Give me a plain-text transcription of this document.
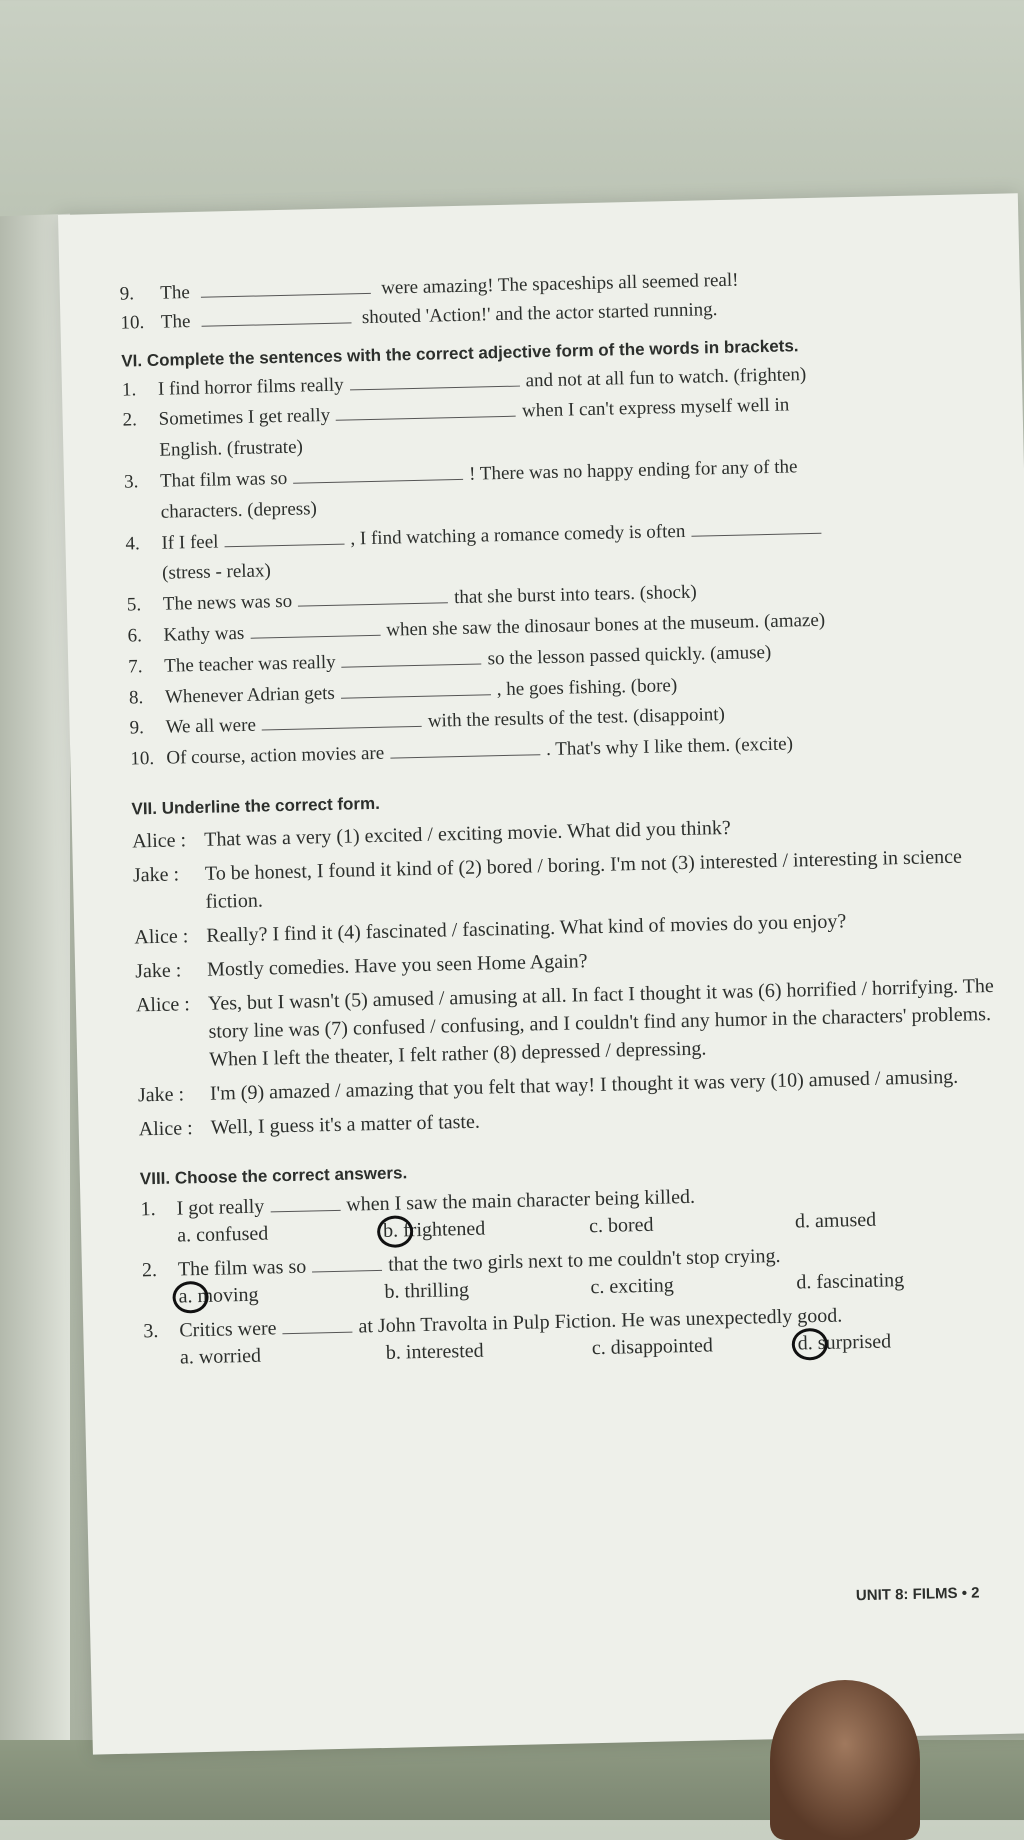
9. The	were amazing! The spaceships all seemed real!
10. The	shouted 'Action!' and the actor started running.
VI. Complete the sentences with the correct adjective form of the words in brackets.
1. I find horror films really	and not at all fun to watch. (frighten)
2. Sometimes I get really	when I can't express myself well in
English. (frustrate)
3. That film was so	! There was no happy ending for any of the
characters. (depress)
4. If I feel	, I find watching a romance comedy is often
(stress - relax)
5. The news was so	that she burst into tears. (shock)
6. Kathy was	when she saw the dinosaur bones at the museum. (amaze)
7. The teacher was really	so the lesson passed quickly. (amuse)
8. Whenever Adrian gets	, he goes fishing. (bore)
9. We all were	with the results of the test. (disappoint)
10. Of course, action movies are	. That's why I like them. (excite)
VII. Underline the correct form.
Alice : That was a very (1) excited / exciting movie. What did you think?
Jake :	To be honest, I found it kind of (2) bored / boring. I'm not (3) interested / interesting in science fiction.
Alice : Really? I find it (4) fascinated / fascinating. What kind of movies do you enjoy?
Jake :	Mostly comedies. Have you seen Home Again?
Alice : Yes, but I wasn't (5) amused / amusing at all. In fact I thought it was (6) horrified / horrifying. The story line was (7) confused / confusing, and I couldn't find any humor in the characters' problems. When I left the theater, I felt rather (8) depressed / depressing.
Jake :	I'm (9) amazed / amazing that you felt that way! I thought it was very (10) amused / amusing.
Alice : Well, I guess it's a matter of taste.
VIII. Choose the correct answers.
1. I got really	when I saw the main character being killed.
a. confused	b. frightened	c. bored	d. amused
2. The film was so	that the two girls next to me couldn't stop crying.
a. moving	b. thrilling	c. exciting	d. fascinating
3. Critics were	at John Travolta in Pulp Fiction. He was unexpectedly good.
a. worried	b. interested	c. disappointed	d. surprised
UNIT 8: FILMS • 2
